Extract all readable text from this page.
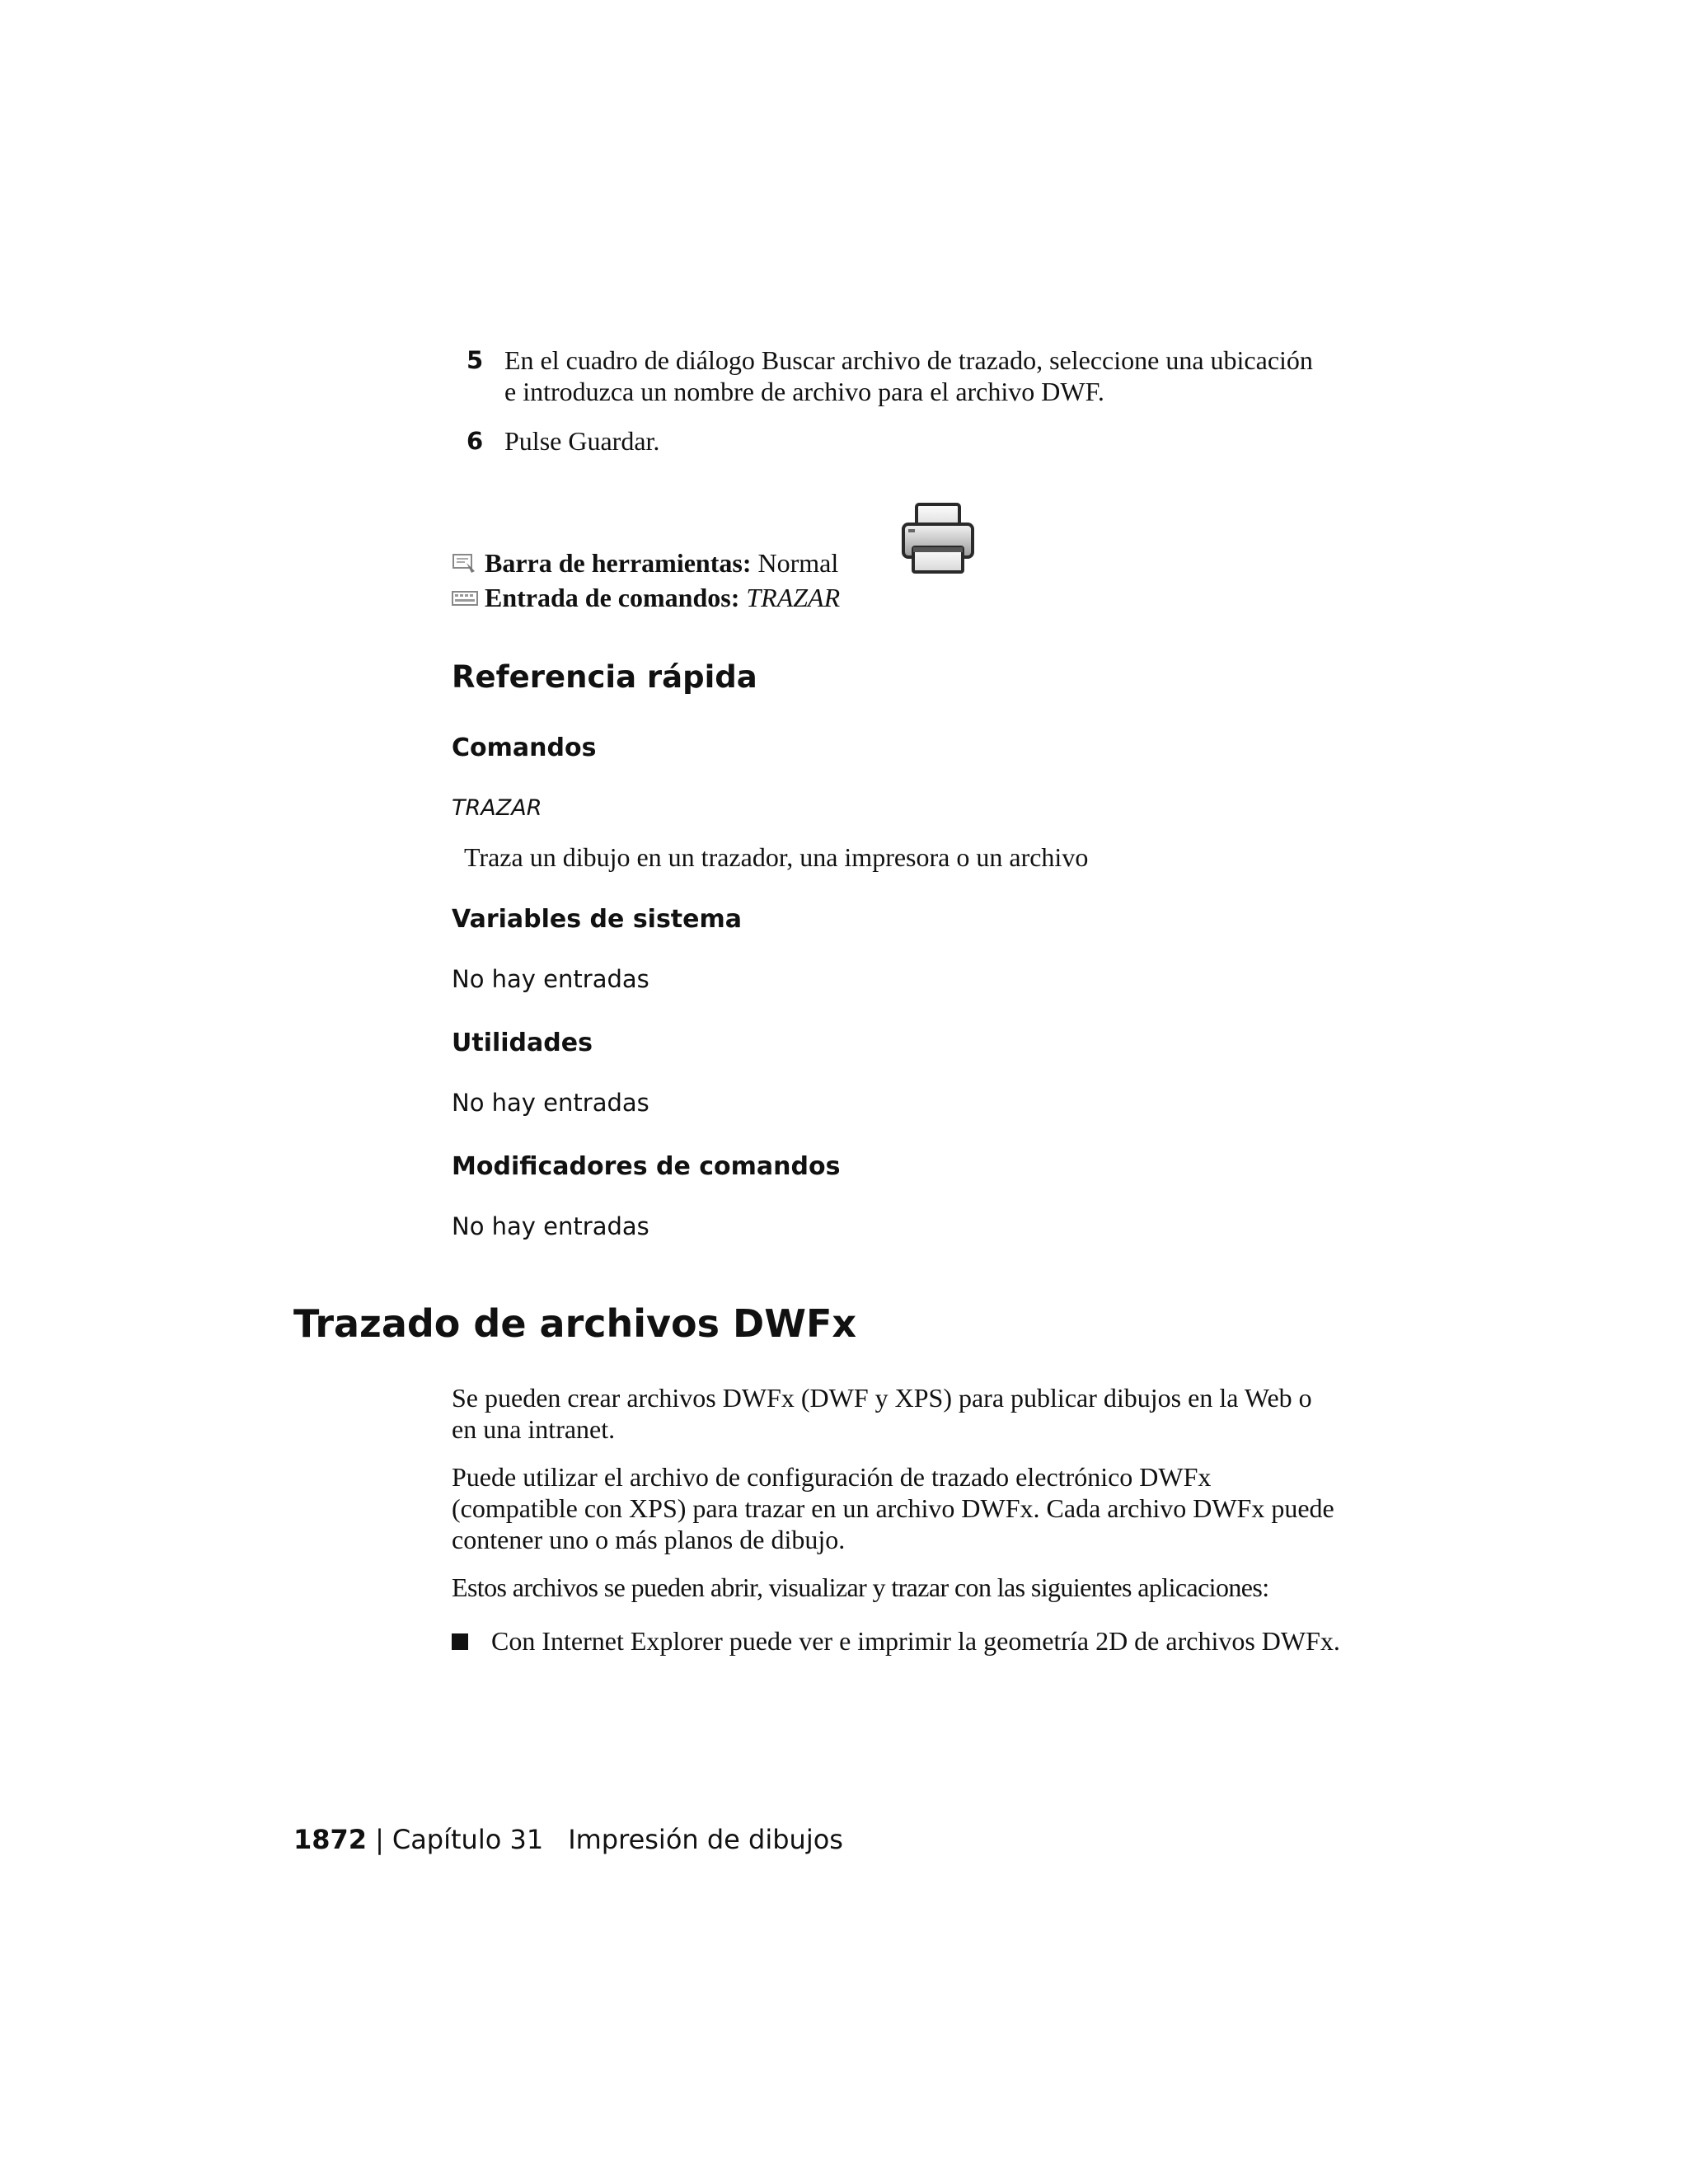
5 En el cuadro de diálogo Buscar archivo de trazado, seleccione una ubicación e introduzca un nombre de archivo para el archivo DWF.
6 Pulse Guardar.
Barra de herramientas: Normal
Entrada de comandos: TRAZAR
Referencia rápida
Comandos
TRAZAR
Traza un dibujo en un trazador, una impresora o un archivo
Variables de sistema
No hay entradas
Utilidades
No hay entradas
Modificadores de comandos
No hay entradas
Trazado de archivos DWFx
Se pueden crear archivos DWFx (DWF y XPS) para publicar dibujos en la Web o en una intranet.
Puede utilizar el archivo de configuración de trazado electrónico DWFx (compatible con XPS) para trazar en un archivo DWFx. Cada archivo DWFx puede contener uno o más planos de dibujo.
Estos archivos se pueden abrir, visualizar y trazar con las siguientes aplicaciones:
Con Internet Explorer puede ver e imprimir la geometría 2D de archivos DWFx.
1872 | Capítulo 31 Impresión de dibujos
